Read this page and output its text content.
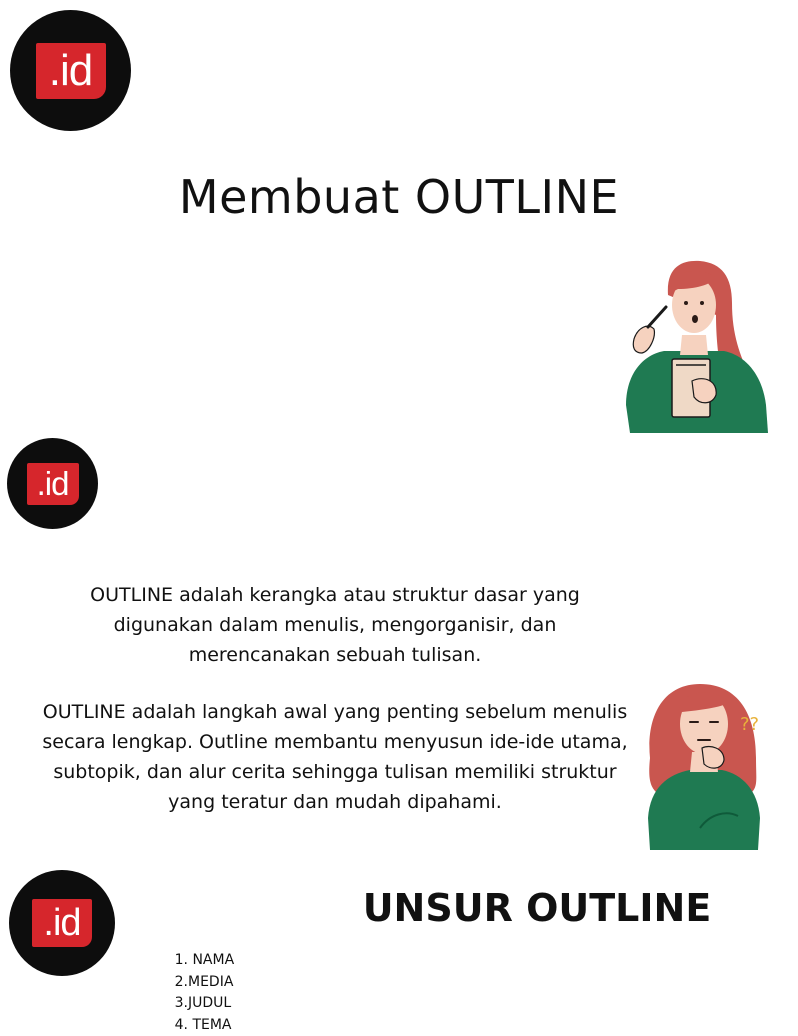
.id
Membuat OUTLINE
.id

OUTLINE adalah kerangka atau struktur dasar yang digunakan dalam menulis, mengorganisir, dan merencanakan sebuah tulisan.

OUTLINE adalah langkah awal yang penting sebelum menulis secara lengkap. Outline membantu menyusun ide-ide utama, subtopik, dan alur cerita sehingga tulisan memiliki struktur yang teratur dan mudah dipahami.

??
.id	UNSUR OUTLINE
1. NAMA
2.MEDIA
3.JUDUL
4. TEMA
